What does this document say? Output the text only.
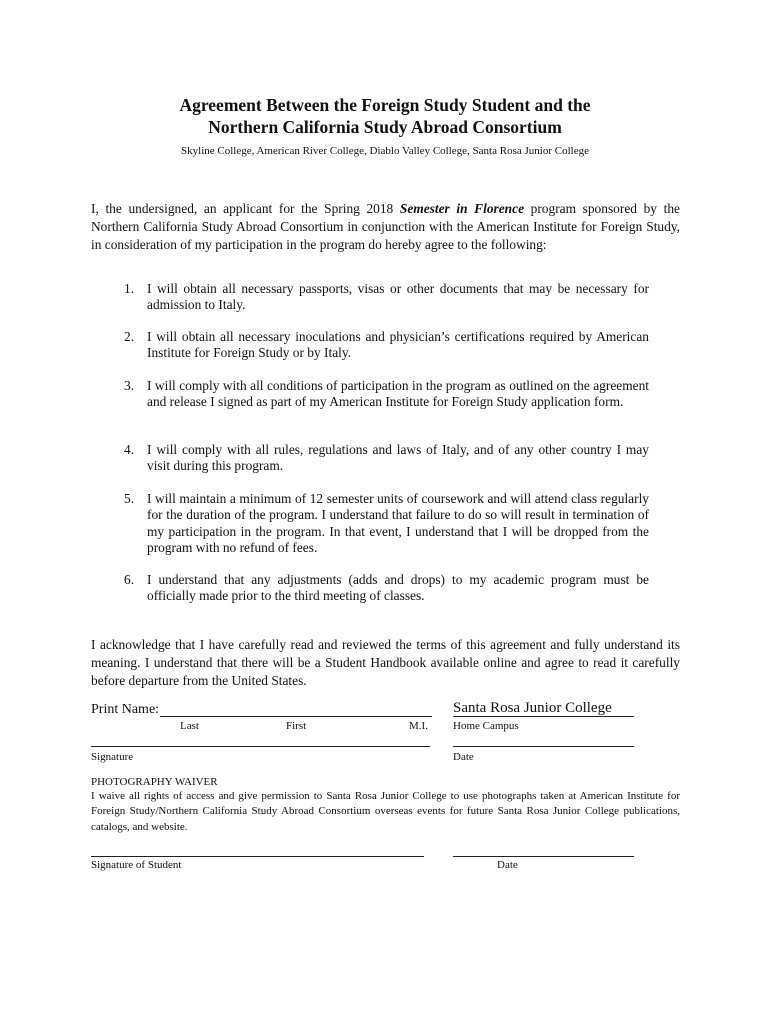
Agreement Between the Foreign Study Student and the
Northern California Study Abroad Consortium
Skyline College, American River College, Diablo Valley College, Santa Rosa Junior College
I, the undersigned, an applicant for the Spring 2018 Semester in Florence program sponsored by the Northern California Study Abroad Consortium in conjunction with the American Institute for Foreign Study, in consideration of my participation in the program do hereby agree to the following:
1. I will obtain all necessary passports, visas or other documents that may be necessary for admission to Italy.
2. I will obtain all necessary inoculations and physician’s certifications required by American Institute for Foreign Study or by Italy.
3. I will comply with all conditions of participation in the program as outlined on the agreement and release I signed as part of my American Institute for Foreign Study application form.
4. I will comply with all rules, regulations and laws of Italy, and of any other country I may visit during this program.
5. I will maintain a minimum of 12 semester units of coursework and will attend class regularly for the duration of the program. I understand that failure to do so will result in termination of my participation in the program. In that event, I understand that I will be dropped from the program with no refund of fees.
6. I understand that any adjustments (adds and drops) to my academic program must be officially made prior to the third meeting of classes.
I acknowledge that I have carefully read and reviewed the terms of this agreement and fully understand its meaning. I understand that there will be a Student Handbook available online and agree to read it carefully before departure from the United States.
Print Name:
Last	First	M.I.
Santa Rosa Junior College
Home Campus
Signature	Date
PHOTOGRAPHY WAIVER
I waive all rights of access and give permission to Santa Rosa Junior College to use photographs taken at American Institute for Foreign Study/Northern California Study Abroad Consortium overseas events for future Santa Rosa Junior College publications, catalogs, and website.
Signature of Student	Date
